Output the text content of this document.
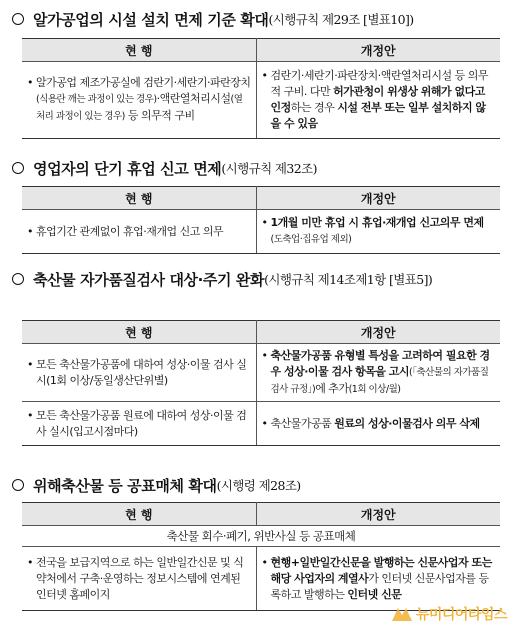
알가공업의 시설 설치 면제 기준 확대 (시행규칙 제29조 [별표10])
현 행	개정안

• 알가공업 제조가공실에 검란기·세란기·파란장치(식용란 깨는 과정이 있는 경우)·액란열처리시설(열처리 과정이 있는 경우) 등 의무적 구비	• 검란기·세란기·파란장치·액란열처리시설 등 의무적 구비. 다만 허가관청이 위생상 위해가 없다고 인정하는 경우 시설 전부 또는 일부 설치하지 않을 수 있음
영업자의 단기 휴업 신고 면제 (시행규칙 제32조)
현 행	개정안

• 휴업기간 관계없이 휴업·재개업 신고 의무	• 1개월 미만 휴업 시 휴업·재개업 신고의무 면제(도축업·집유업 제외)
축산물 자가품질검사 대상·주기 완화 (시행규칙 제14조제1항 [별표5])
현 행	개정안

• 모든 축산물가공품에 대하여 성상·이물 검사 실시(1회 이상/동일생산단위별)	• 축산물가공품 유형별 특성을 고려하여 필요한 경우 성상·이물 검사 항목을 고시(「축산물의 자가품질검사 규정」)에 추가(1회 이상/월)

• 모든 축산물가공품 원료에 대하여 성상·이물 검사 실시(입고시점마다)	• 축산물가공품 원료의 성상·이물검사 의무 삭제
위해축산물 등 공표매체 확대 (시행령 제28조)
현 행	개정안
축산물 회수·폐기, 위반사실 등 공표매체	

• 전국을 보급지역으로 하는 일반일간신문 및 식약처에서 구축·운영하는 정보시스템에 연계된 인터넷 홈페이지	• 현행+일반일간신문을 발행하는 신문사업자 또는 해당 사업자의 계열사가 인터넷 신문사업자를 등록하고 발행하는 인터넷 신문
뉴미디어타임스
